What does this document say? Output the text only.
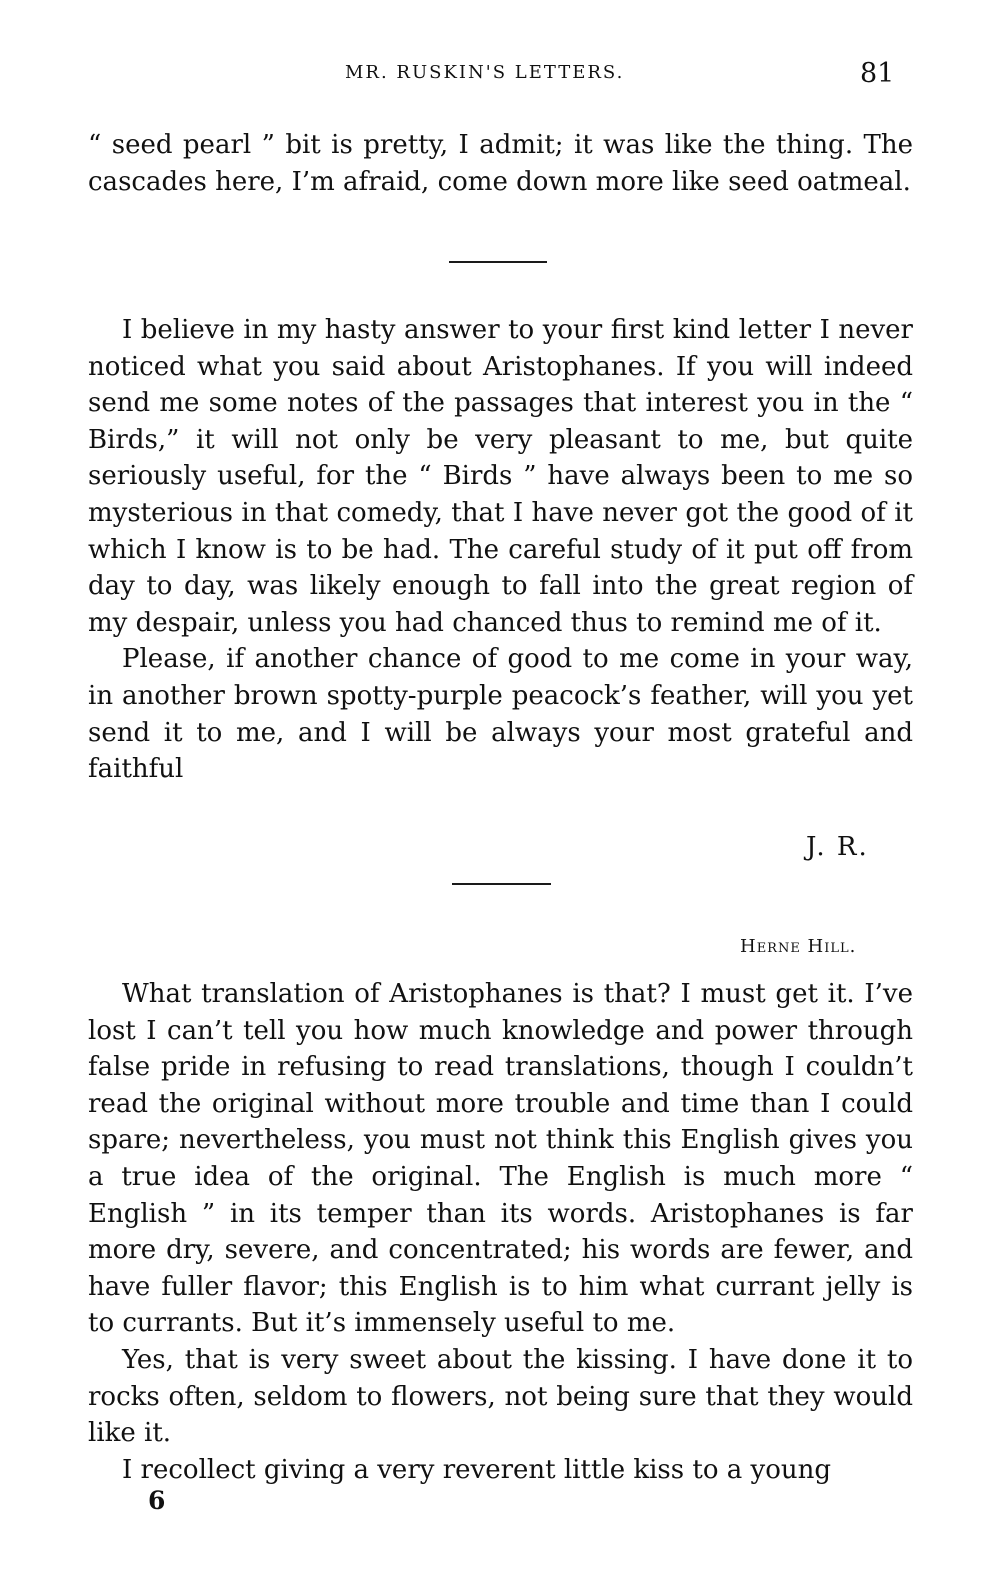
MR. RUSKIN'S LETTERS.	81

“ seed pearl ” bit is pretty, I admit; it was like the thing. The cascades here, I’m afraid, come down more like seed oatmeal.

I believe in my hasty answer to your first kind letter I never noticed what you said about Aristophanes. If you will indeed send me some notes of the passages that interest you in the “ Birds,” it will not only be very pleasant to me, but quite seriously useful, for the “ Birds ” have always been to me so mysterious in that comedy, that I have never got the good of it which I know is to be had. The careful study of it put off from day to day, was likely enough to fall into the great region of my despair, unless you had chanced thus to remind me of it.

Please, if another chance of good to me come in your way, in another brown spotty-purple peacock’s feather, will you yet send it to me, and I will be always your most grateful and faithful

J. R.
Herne Hill.

What translation of Aristophanes is that? I must get it. I’ve lost I can’t tell you how much knowledge and power through false pride in refusing to read translations, though I couldn’t read the original without more trouble and time than I could spare; nevertheless, you must not think this English gives you a true idea of the original. The English is much more “ English ” in its temper than its words. Aristophanes is far more dry, severe, and concentrated; his words are fewer, and have fuller flavor; this English is to him what currant jelly is to currants. But it’s immensely useful to me.

Yes, that is very sweet about the kissing. I have done it to rocks often, seldom to flowers, not being sure that they would like it.

I recollect giving a very reverent little kiss to a young

6
